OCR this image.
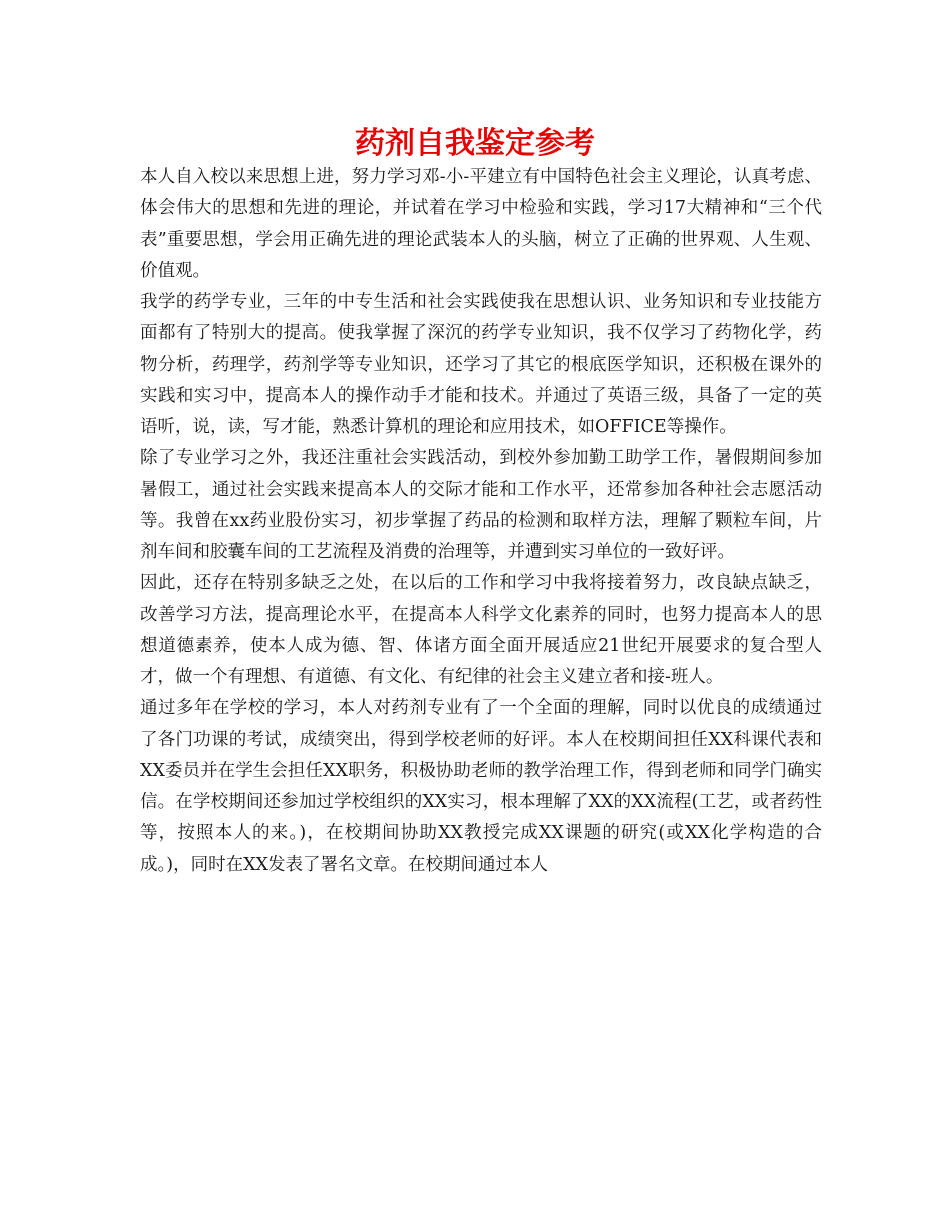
药剂自我鉴定参考

本人自入校以来思想上进，努力学习邓-小-平建立有中国特色社会主义理论，认真考虑、体会伟大的思想和先进的理论，并试着在学习中检验和实践，学习17大精神和“三个代表”重要思想，学会用正确先进的理论武装本人的头脑，树立了正确的世界观、人生观、价值观。

我学的药学专业，三年的中专生活和社会实践使我在思想认识、业务知识和专业技能方面都有了特别大的提高。使我掌握了深沉的药学专业知识，我不仅学习了药物化学，药物分析，药理学，药剂学等专业知识，还学习了其它的根底医学知识，还积极在课外的实践和实习中，提高本人的操作动手才能和技术。并通过了英语三级，具备了一定的英语听，说，读，写才能，熟悉计算机的理论和应用技术，如OFFICE等操作。

除了专业学习之外，我还注重社会实践活动，到校外参加勤工助学工作，暑假期间参加暑假工，通过社会实践来提高本人的交际才能和工作水平，还常参加各种社会志愿活动等。我曾在xx药业股份实习，初步掌握了药品的检测和取样方法，理解了颗粒车间，片剂车间和胶囊车间的工艺流程及消费的治理等，并遭到实习单位的一致好评。

因此，还存在特别多缺乏之处，在以后的工作和学习中我将接着努力，改良缺点缺乏，改善学习方法，提高理论水平，在提高本人科学文化素养的同时，也努力提高本人的思想道德素养，使本人成为德、智、体诸方面全面开展适应21世纪开展要求的复合型人才，做一个有理想、有道德、有文化、有纪律的社会主义建立者和接-班人。

通过多年在学校的学习，本人对药剂专业有了一个全面的理解，同时以优良的成绩通过了各门功课的考试，成绩突出，得到学校老师的好评。本人在校期间担任XX科课代表和XX委员并在学生会担任XX职务，积极协助老师的教学治理工作，得到老师和同学门确实信。在学校期间还参加过学校组织的XX实习，根本理解了XX的XX流程(工艺，或者药性等，按照本人的来。)，在校期间协助XX教授完成XX课题的研究(或XX化学构造的合成。)，同时在XX发表了署名文章。在校期间通过本人
